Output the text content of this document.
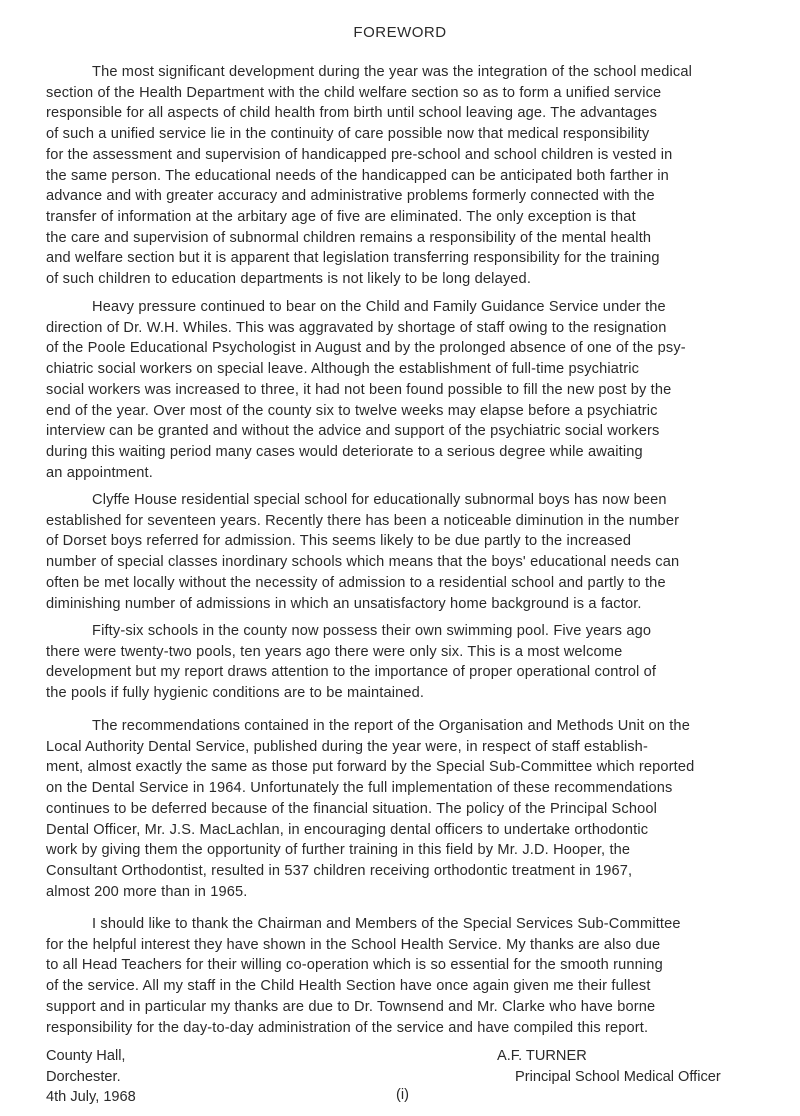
FOREWORD

The most significant development during the year was the integration of the school medical
section of the Health Department with the child welfare section so as to form a unified service
responsible for all aspects of child health from birth until school leaving age. The advantages
of such a unified service lie in the continuity of care possible now that medical responsibility
for the assessment and supervision of handicapped pre-school and school children is vested in
the same person. The educational needs of the handicapped can be anticipated both farther in
advance and with greater accuracy and administrative problems formerly connected with the
transfer of information at the arbitary age of five are eliminated. The only exception is that
the care and supervision of subnormal children remains a responsibility of the mental health
and welfare section but it is apparent that legislation transferring responsibility for the training
of such children to education departments is not likely to be long delayed.

Heavy pressure continued to bear on the Child and Family Guidance Service under the
direction of Dr. W.H. Whiles. This was aggravated by shortage of staff owing to the resignation
of the Poole Educational Psychologist in August and by the prolonged absence of one of the psy-
chiatric social workers on special leave. Although the establishment of full-time psychiatric
social workers was increased to three, it had not been found possible to fill the new post by the
end of the year. Over most of the county six to twelve weeks may elapse before a psychiatric
interview can be granted and without the advice and support of the psychiatric social workers
during this waiting period many cases would deteriorate to a serious degree while awaiting
an appointment.

Clyffe House residential special school for educationally subnormal boys has now been
established for seventeen years. Recently there has been a noticeable diminution in the number
of Dorset boys referred for admission. This seems likely to be due partly to the increased
number of special classes inordinary schools which means that the boys' educational needs can
often be met locally without the necessity of admission to a residential school and partly to the
diminishing number of admissions in which an unsatisfactory home background is a factor.

Fifty-six schools in the county now possess their own swimming pool. Five years ago
there were twenty-two pools, ten years ago there were only six. This is a most welcome
development but my report draws attention to the importance of proper operational control of
the pools if fully hygienic conditions are to be maintained.

The recommendations contained in the report of the Organisation and Methods Unit on the
Local Authority Dental Service, published during the year were, in respect of staff establish-
ment, almost exactly the same as those put forward by the Special Sub-Committee which reported
on the Dental Service in 1964. Unfortunately the full implementation of these recommendations
continues to be deferred because of the financial situation. The policy of the Principal School
Dental Officer, Mr. J.S. MacLachlan, in encouraging dental officers to undertake orthodontic
work by giving them the opportunity of further training in this field by Mr. J.D. Hooper, the
Consultant Orthodontist, resulted in 537 children receiving orthodontic treatment in 1967,
almost 200 more than in 1965.

I should like to thank the Chairman and Members of the Special Services Sub-Committee
for the helpful interest they have shown in the School Health Service. My thanks are also due
to all Head Teachers for their willing co-operation which is so essential for the smooth running
of the service. All my staff in the Child Health Section have once again given me their fullest
support and in particular my thanks are due to Dr. Townsend and Mr. Clarke who have borne
responsibility for the day-to-day administration of the service and have compiled this report.

County Hall,
Dorchester.
4th July, 1968
A.F. TURNER
Principal School Medical Officer
(i)
